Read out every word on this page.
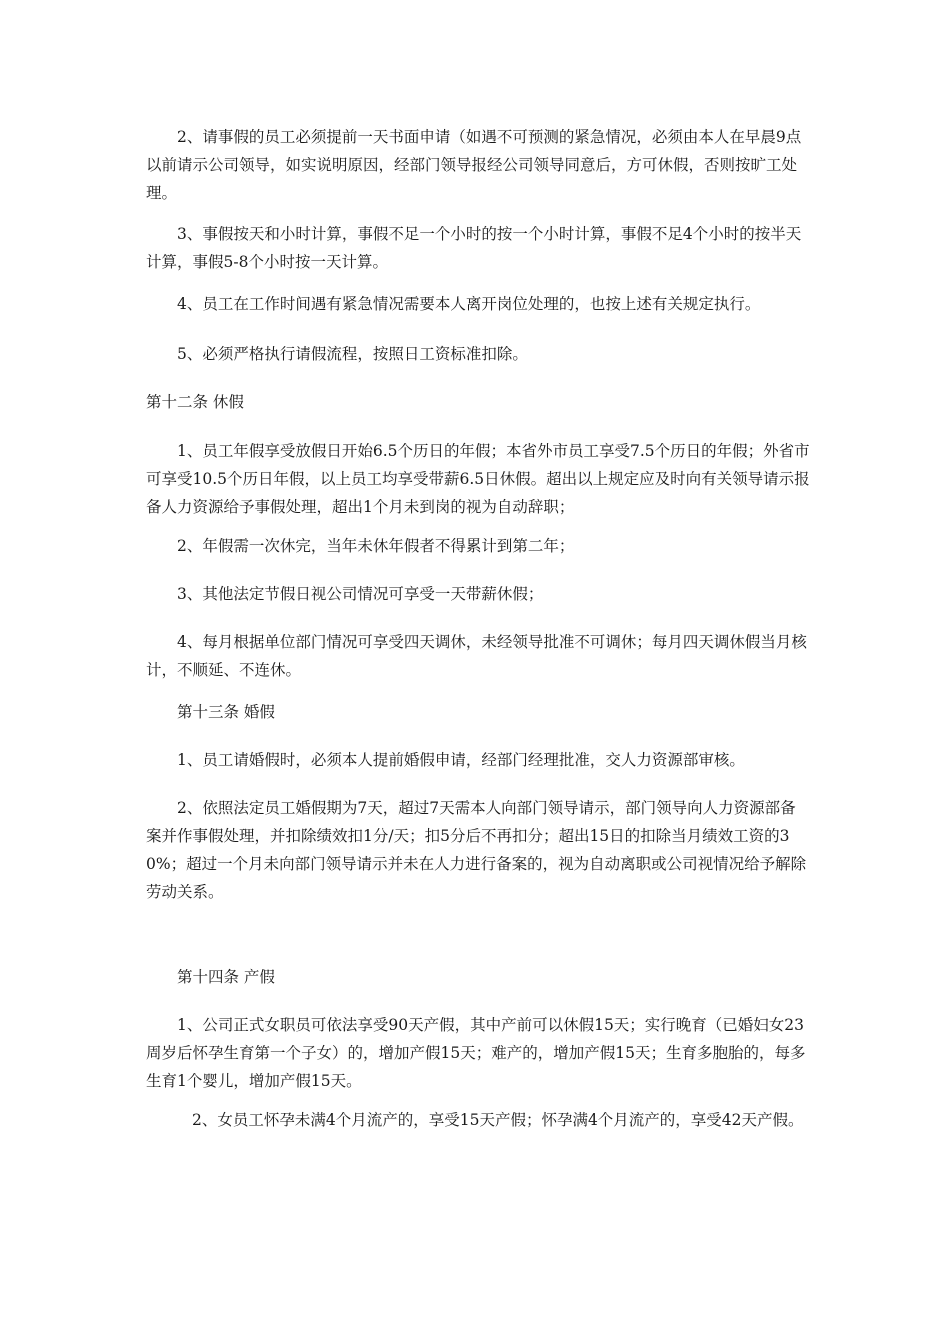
2、请事假的员工必须提前一天书面申请（如遇不可预测的紧急情况，必须由本人在早晨9点以前请示公司领导，如实说明原因，经部门领导报经公司领导同意后，方可休假，否则按旷工处理。

3、事假按天和小时计算，事假不足一个小时的按一个小时计算，事假不足4个小时的按半天计算，事假5-8个小时按一天计算。

4、员工在工作时间遇有紧急情况需要本人离开岗位处理的，也按上述有关规定执行。

5、必须严格执行请假流程，按照日工资标准扣除。

第十二条 休假

1、员工年假享受放假日开始6.5个历日的年假；本省外市员工享受7.5个历日的年假；外省市可享受10.5个历日年假，以上员工均享受带薪6.5日休假。超出以上规定应及时向有关领导请示报备人力资源给予事假处理，超出1个月未到岗的视为自动辞职；

2、年假需一次休完，当年未休年假者不得累计到第二年；

3、其他法定节假日视公司情况可享受一天带薪休假；

4、每月根据单位部门情况可享受四天调休，未经领导批准不可调休；每月四天调休假当月核计，不顺延、不连休。

第十三条 婚假

1、员工请婚假时，必须本人提前婚假申请，经部门经理批准，交人力资源部审核。

2、依照法定员工婚假期为7天，超过7天需本人向部门领导请示，部门领导向人力资源部备案并作事假处理，并扣除绩效扣1分/天；扣5分后不再扣分；超出15日的扣除当月绩效工资的30%；超过一个月未向部门领导请示并未在人力进行备案的，视为自动离职或公司视情况给予解除劳动关系。

第十四条 产假

1、公司正式女职员可依法享受90天产假，其中产前可以休假15天；实行晚育（已婚妇女23周岁后怀孕生育第一个子女）的，增加产假15天；难产的，增加产假15天；生育多胞胎的，每多生育1个婴儿，增加产假15天。

2、女员工怀孕未满4个月流产的，享受15天产假；怀孕满4个月流产的，享受42天产假。
